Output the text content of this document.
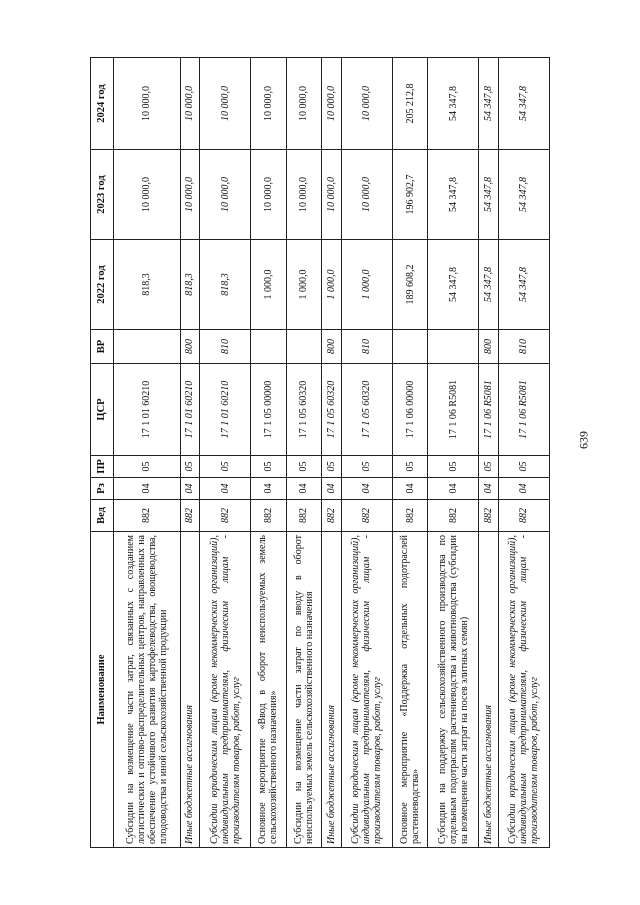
639
Наименование	Вед	Рз	ПР	ЦСР	ВР	2022 год	2023 год	2024 год
Субсидии на возмещение части затрат, связанных с созданием логистических и оптово-распределительных центров, направленных на обеспечение устойчивого развития картофелеводства, овощеводства, плодоводства и иной сельскохозяйственной продукции	882	04	05	17 1 01 60210		818,3	10 000,0	10 000,0
Иные бюджетные ассигнования	882	04	05	17 1 01 60210	800	818,3	10 000,0	10 000,0
Субсидии юридическим лицам (кроме некоммерческих организаций), индивидуальным предпринимателям, физическим лицам - производителям товаров, работ, услуг	882	04	05	17 1 01 60210	810	818,3	10 000,0	10 000,0
Основное мероприятие «Ввод в оборот неиспользуемых земель сельскохозяйственного назначения»	882	04	05	17 1 05 00000		1 000,0	10 000,0	10 000,0
Субсидии на возмещение части затрат по вводу в оборот неиспользуемых земель сельскохозяйственного назначения	882	04	05	17 1 05 60320		1 000,0	10 000,0	10 000,0
Иные бюджетные ассигнования	882	04	05	17 1 05 60320	800	1 000,0	10 000,0	10 000,0
Субсидии юридическим лицам (кроме некоммерческих организаций), индивидуальным предпринимателям, физическим лицам - производителям товаров, работ, услуг	882	04	05	17 1 05 60320	810	1 000,0	10 000,0	10 000,0
Основное мероприятие «Поддержка отдельных подотраслей растениеводства»	882	04	05	17 1 06 00000		189 608,2	196 902,7	205 212,8
Субсидии на поддержку сельскохозяйственного производства по отдельным подотраслям растениеводства и животноводства (субсидии на возмещение части затрат на посев элитных семян)	882	04	05	17 1 06 R5081		54 347,8	54 347,8	54 347,8
Иные бюджетные ассигнования	882	04	05	17 1 06 R5081	800	54 347,8	54 347,8	54 347,8
Субсидии юридическим лицам (кроме некоммерческих организаций), индивидуальным предпринимателям, физическим лицам - производителям товаров, работ, услуг	882	04	05	17 1 06 R5081	810	54 347,8	54 347,8	54 347,8
